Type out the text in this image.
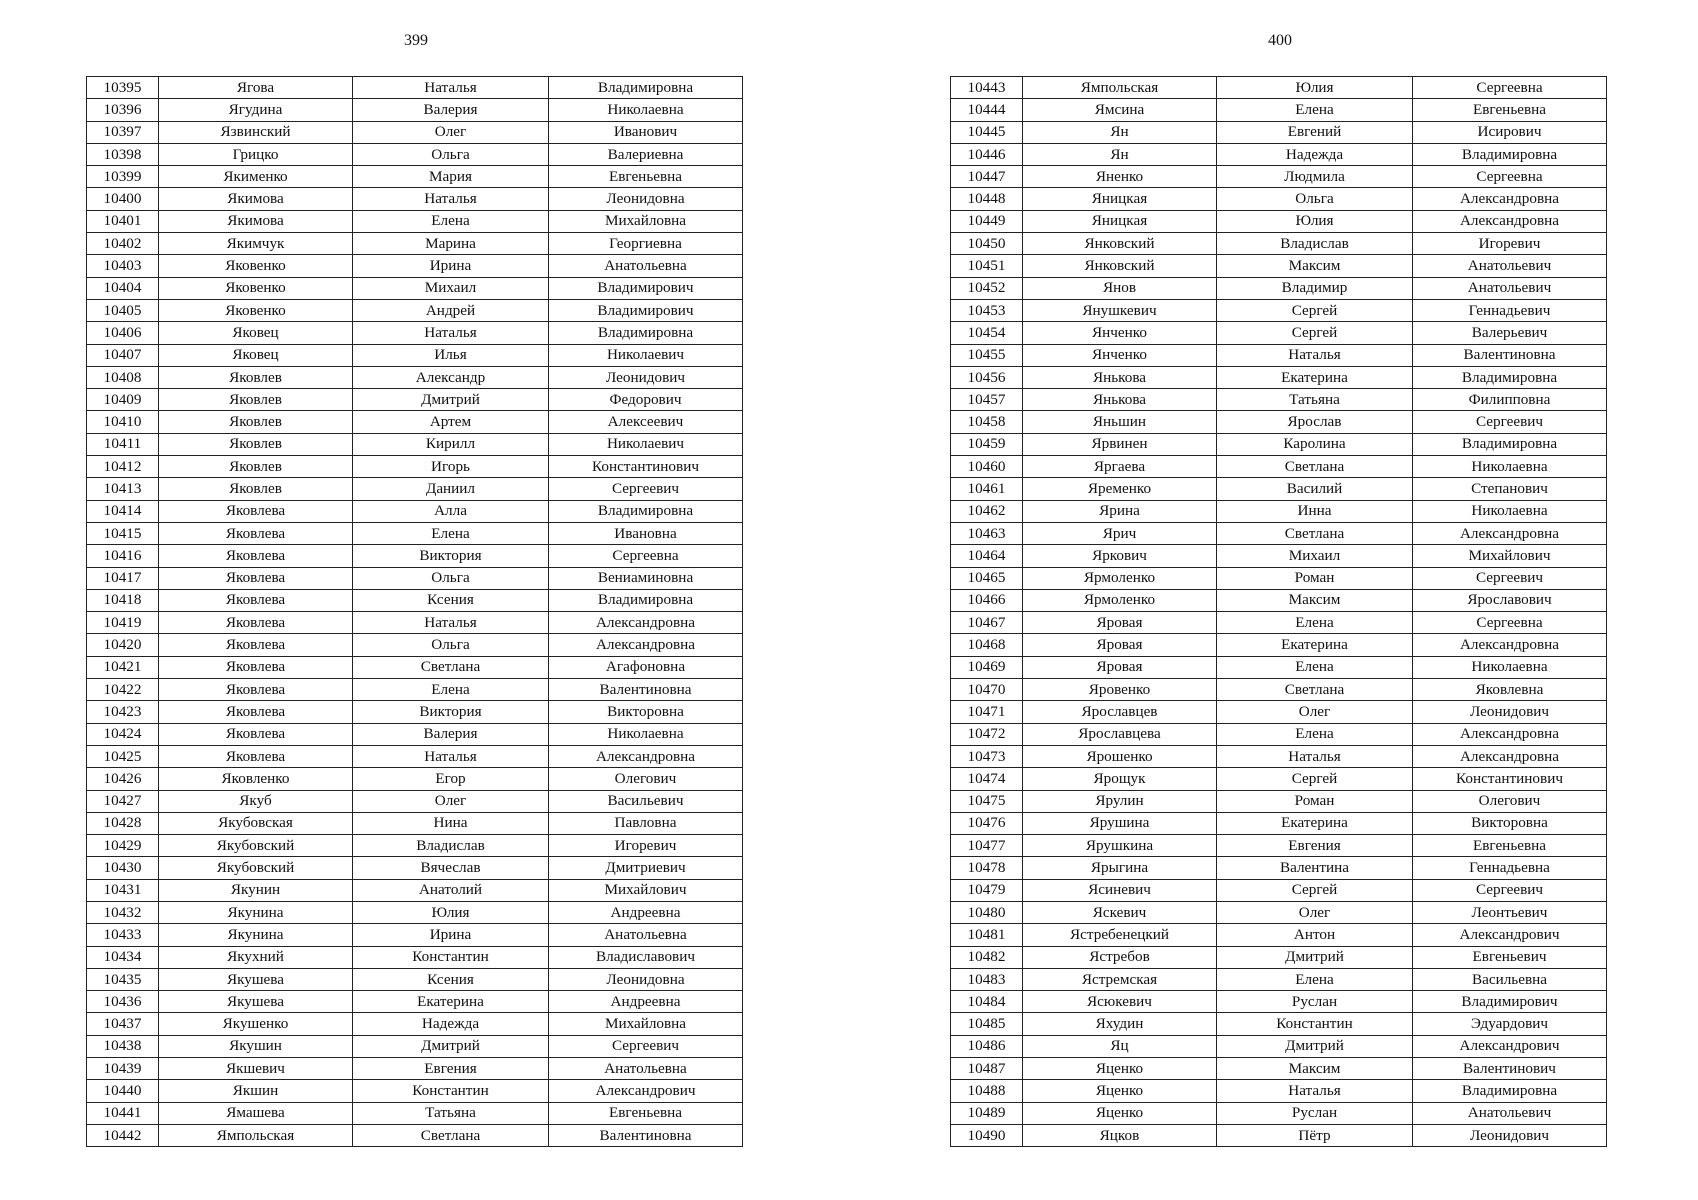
399
10395	Ягова	Наталья	Владимировна
10396	Ягудина	Валерия	Николаевна
10397	Язвинский	Олег	Иванович
10398	Грицко	Ольга	Валериевна
10399	Якименко	Мария	Евгеньевна
10400	Якимова	Наталья	Леонидовна
10401	Якимова	Елена	Михайловна
10402	Якимчук	Марина	Георгиевна
10403	Яковенко	Ирина	Анатольевна
10404	Яковенко	Михаил	Владимирович
10405	Яковенко	Андрей	Владимирович
10406	Яковец	Наталья	Владимировна
10407	Яковец	Илья	Николаевич
10408	Яковлев	Александр	Леонидович
10409	Яковлев	Дмитрий	Федорович
10410	Яковлев	Артем	Алексеевич
10411	Яковлев	Кирилл	Николаевич
10412	Яковлев	Игорь	Константинович
10413	Яковлев	Даниил	Сергеевич
10414	Яковлева	Алла	Владимировна
10415	Яковлева	Елена	Ивановна
10416	Яковлева	Виктория	Сергеевна
10417	Яковлева	Ольга	Вениаминовна
10418	Яковлева	Ксения	Владимировна
10419	Яковлева	Наталья	Александровна
10420	Яковлева	Ольга	Александровна
10421	Яковлева	Светлана	Агафоновна
10422	Яковлева	Елена	Валентиновна
10423	Яковлева	Виктория	Викторовна
10424	Яковлева	Валерия	Николаевна
10425	Яковлева	Наталья	Александровна
10426	Яковленко	Егор	Олегович
10427	Якуб	Олег	Васильевич
10428	Якубовская	Нина	Павловна
10429	Якубовский	Владислав	Игоревич
10430	Якубовский	Вячеслав	Дмитриевич
10431	Якунин	Анатолий	Михайлович
10432	Якунина	Юлия	Андреевна
10433	Якунина	Ирина	Анатольевна
10434	Якухний	Константин	Владиславович
10435	Якушева	Ксения	Леонидовна
10436	Якушева	Екатерина	Андреевна
10437	Якушенко	Надежда	Михайловна
10438	Якушин	Дмитрий	Сергеевич
10439	Якшевич	Евгения	Анатольевна
10440	Якшин	Константин	Александрович
10441	Ямашева	Татьяна	Евгеньевна
10442	Ямпольская	Светлана	Валентиновна
400
10443	Ямпольская	Юлия	Сергеевна
10444	Ямсина	Елена	Евгеньевна
10445	Ян	Евгений	Исирович
10446	Ян	Надежда	Владимировна
10447	Яненко	Людмила	Сергеевна
10448	Яницкая	Ольга	Александровна
10449	Яницкая	Юлия	Александровна
10450	Янковский	Владислав	Игоревич
10451	Янковский	Максим	Анатольевич
10452	Янов	Владимир	Анатольевич
10453	Янушкевич	Сергей	Геннадьевич
10454	Янченко	Сергей	Валерьевич
10455	Янченко	Наталья	Валентиновна
10456	Янькова	Екатерина	Владимировна
10457	Янькова	Татьяна	Филипповна
10458	Яньшин	Ярослав	Сергеевич
10459	Ярвинен	Каролина	Владимировна
10460	Яргаева	Светлана	Николаевна
10461	Яременко	Василий	Степанович
10462	Ярина	Инна	Николаевна
10463	Ярич	Светлана	Александровна
10464	Яркович	Михаил	Михайлович
10465	Ярмоленко	Роман	Сергеевич
10466	Ярмоленко	Максим	Ярославович
10467	Яровая	Елена	Сергеевна
10468	Яровая	Екатерина	Александровна
10469	Яровая	Елена	Николаевна
10470	Яровенко	Светлана	Яковлевна
10471	Ярославцев	Олег	Леонидович
10472	Ярославцева	Елена	Александровна
10473	Ярошенко	Наталья	Александровна
10474	Ярощук	Сергей	Константинович
10475	Ярулин	Роман	Олегович
10476	Ярушина	Екатерина	Викторовна
10477	Ярушкина	Евгения	Евгеньевна
10478	Ярыгина	Валентина	Геннадьевна
10479	Ясиневич	Сергей	Сергеевич
10480	Яскевич	Олег	Леонтьевич
10481	Ястребенецкий	Антон	Александрович
10482	Ястребов	Дмитрий	Евгеньевич
10483	Ястремская	Елена	Васильевна
10484	Ясюкевич	Руслан	Владимирович
10485	Яхудин	Константин	Эдуардович
10486	Яц	Дмитрий	Александрович
10487	Яценко	Максим	Валентинович
10488	Яценко	Наталья	Владимировна
10489	Яценко	Руслан	Анатольевич
10490	Яцков	Пётр	Леонидович
